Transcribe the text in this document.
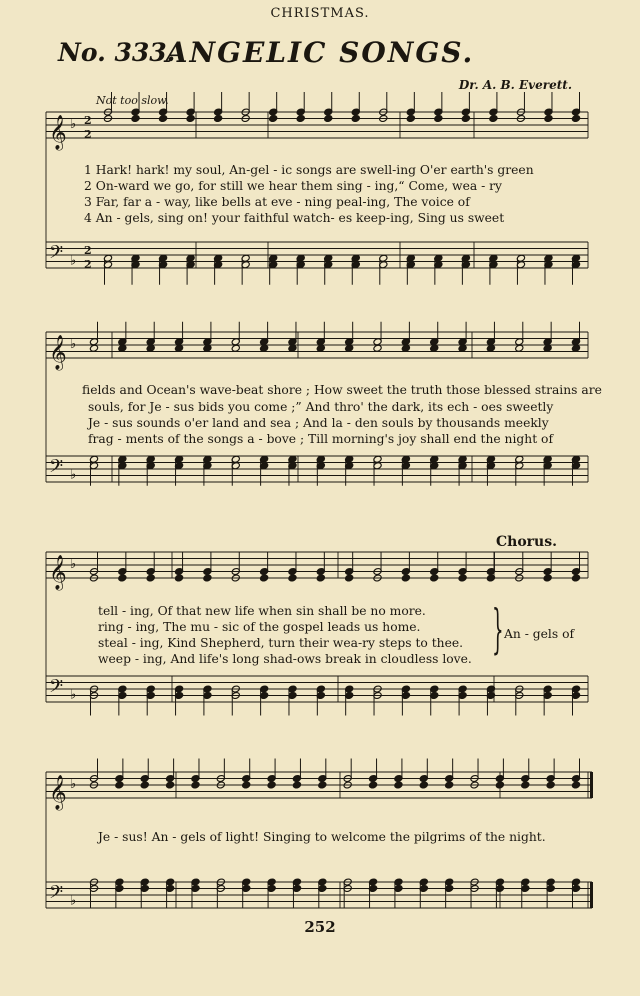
CHRISTMAS.
No. 333.
ANGELIC SONGS.
Dr. A. B. Everett.
Not too slow.
𝄞 ♭ 2
2
𝄢 ♭
2
2
𝄞 ♭
𝄢 ♭
𝄞 ♭
𝄢 ♭
𝄞 ♭
𝄢 ♭
1 Hark! hark! my soul, An-gel - ic songs are swell-ing O'er earth's green
2 On-ward we go, for still we hear them sing - ing,“ Come, wea - ry
3 Far, far a - way, like bells at eve - ning peal-ing, The voice of
4 An - gels, sing on! your faithful watch- es keep-ing, Sing us sweet
fields and Ocean's wave-beat shore ; How sweet the truth those blessed strains are
souls, for Je - sus bids you come ;” And thro' the dark, its ech - oes sweetly
Je - sus sounds o'er land and sea ; And la - den souls by thousands meekly
frag - ments of the songs a - bove ; Till morning's joy shall end the night of
Chorus.
tell - ing, Of that new life when sin shall be no more.
ring - ing, The mu - sic of the gospel leads us home.
steal - ing, Kind Shepherd, turn their wea-ry steps to thee.
weep - ing, And life's long shad-ows break in cloudless love. } An - gels of
Je - sus! An - gels of light! Singing to welcome the pilgrims of the night.
252
